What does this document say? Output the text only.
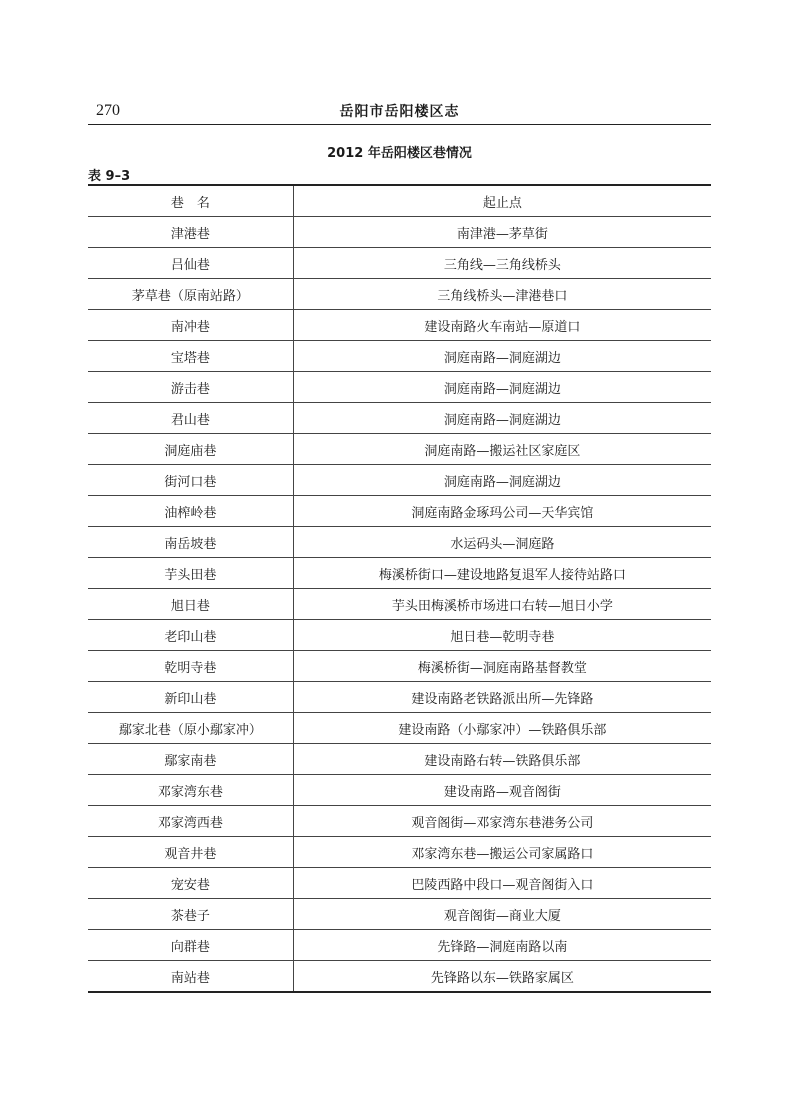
270	岳阳市岳阳楼区志
2012 年岳阳楼区巷情况
表 9–3
巷　名	起止点
津港巷	南津港—茅草街
吕仙巷	三角线—三角线桥头
茅草巷（原南站路）	三角线桥头—津港巷口
南冲巷	建设南路火车南站—原道口
宝塔巷	洞庭南路—洞庭湖边
游击巷	洞庭南路—洞庭湖边
君山巷	洞庭南路—洞庭湖边
洞庭庙巷	洞庭南路—搬运社区家庭区
街河口巷	洞庭南路—洞庭湖边
油榨岭巷	洞庭南路金琢玛公司—天华宾馆
南岳坡巷	水运码头—洞庭路
芋头田巷	梅溪桥街口—建设地路复退军人接待站路口
旭日巷	芋头田梅溪桥市场进口右转—旭日小学
老印山巷	旭日巷—乾明寺巷
乾明寺巷	梅溪桥街—洞庭南路基督教堂
新印山巷	建设南路老铁路派出所—先锋路
鄢家北巷（原小鄢家冲）	建设南路（小鄢家冲）—铁路俱乐部
鄢家南巷	建设南路右转—铁路俱乐部
邓家湾东巷	建设南路—观音阁街
邓家湾西巷	观音阁街—邓家湾东巷港务公司
观音井巷	邓家湾东巷—搬运公司家属路口
宠安巷	巴陵西路中段口—观音阁街入口
茶巷子	观音阁街—商业大厦
向群巷	先锋路—洞庭南路以南
南站巷	先锋路以东—铁路家属区
